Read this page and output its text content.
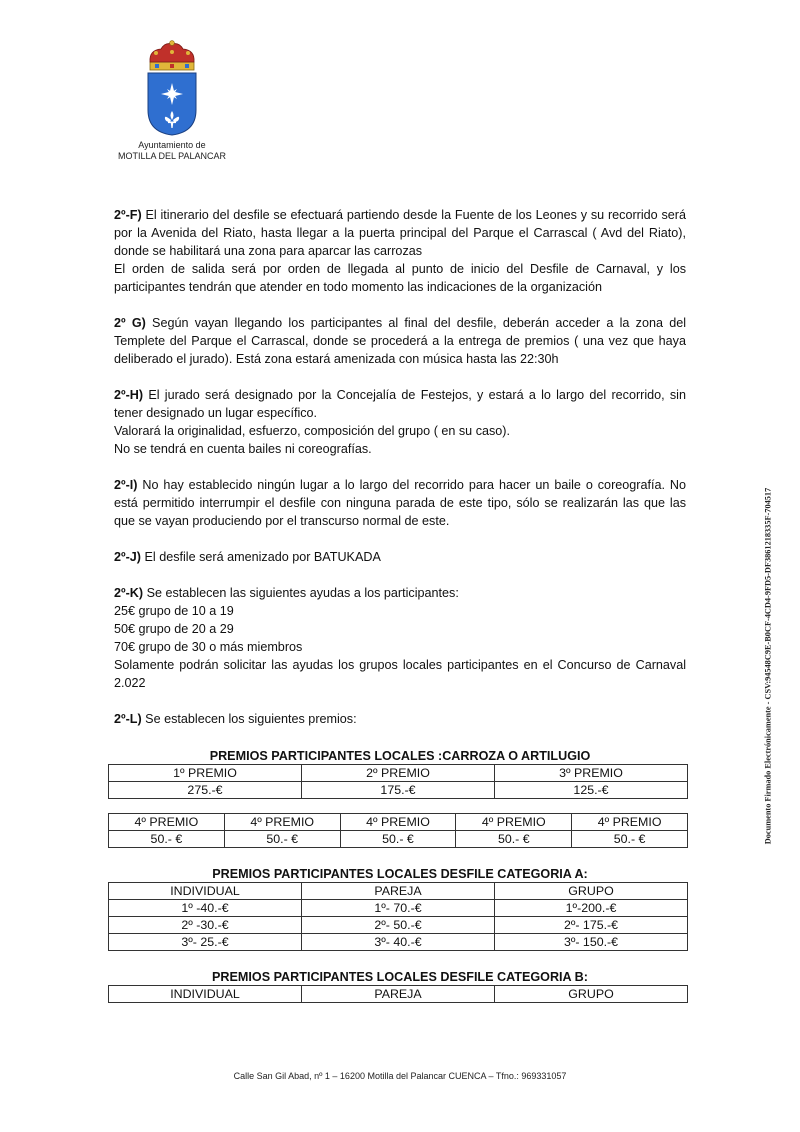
Ayuntamiento de
MOTILLA DEL PALANCAR

2º-F) El itinerario del desfile se efectuará partiendo desde la Fuente de los Leones y su recorrido será por la Avenida del Riato, hasta llegar a la puerta principal del Parque el Carrascal ( Avd del Riato), donde se habilitará una zona para aparcar las carrozas

El orden de salida será por orden de llegada al punto de inicio del Desfile de Carnaval, y los participantes tendrán que atender en todo momento las indicaciones de la organización

2º G) Según vayan llegando los participantes al final del desfile, deberán acceder a la zona del Templete del Parque el Carrascal, donde se procederá a la entrega de premios ( una vez que haya deliberado el jurado). Está zona estará amenizada con música hasta las 22:30h

2º-H) El jurado será designado por la Concejalía de Festejos, y estará a lo largo del recorrido, sin tener designado un lugar específico.

Valorará la originalidad, esfuerzo, composición del grupo ( en su caso).

No se tendrá en cuenta bailes ni coreografías.

2º-I) No hay establecido ningún lugar a lo largo del recorrido para hacer un baile o coreografía. No está permitido interrumpir el desfile con ninguna parada de este tipo, sólo se realizarán las que las que se vayan produciendo por el transcurso normal de este.

2º-J) El desfile será amenizado por BATUKADA

2º-K) Se establecen las siguientes ayudas a los participantes:

25€ grupo de 10 a 19

50€ grupo de 20 a 29

70€ grupo de 30 o más miembros

Solamente podrán solicitar las ayudas los grupos locales participantes en el Concurso de Carnaval 2.022

2º-L) Se establecen los siguientes premios:

PREMIOS PARTICIPANTES LOCALES :CARROZA O ARTILUGIO

1º PREMIO	2º PREMIO	3º PREMIO
275.-€	175.-€	125.-€
4º PREMIO	4º PREMIO	4º PREMIO	4º PREMIO	4º PREMIO
50.- €	50.- €	50.- €	50.- €	50.- €

PREMIOS PARTICIPANTES LOCALES DESFILE CATEGORIA A:

INDIVIDUAL	PAREJA	GRUPO
1º -40.-€	1º- 70.-€	1º-200.-€
2º -30.-€	2º- 50.-€	2º- 175.-€
3º- 25.-€	3º- 40.-€	3º- 150.-€

PREMIOS PARTICIPANTES LOCALES DESFILE CATEGORIA B:

INDIVIDUAL	PAREJA	GRUPO
Calle San Gil Abad, nº 1 – 16200 Motilla del Palancar CUENCA – Tfno.: 969331057
Documento Firmado Electrónicamente - CSV:94548C9E-B0CF-4CD4-9FD5-DF3861218335F-704517
